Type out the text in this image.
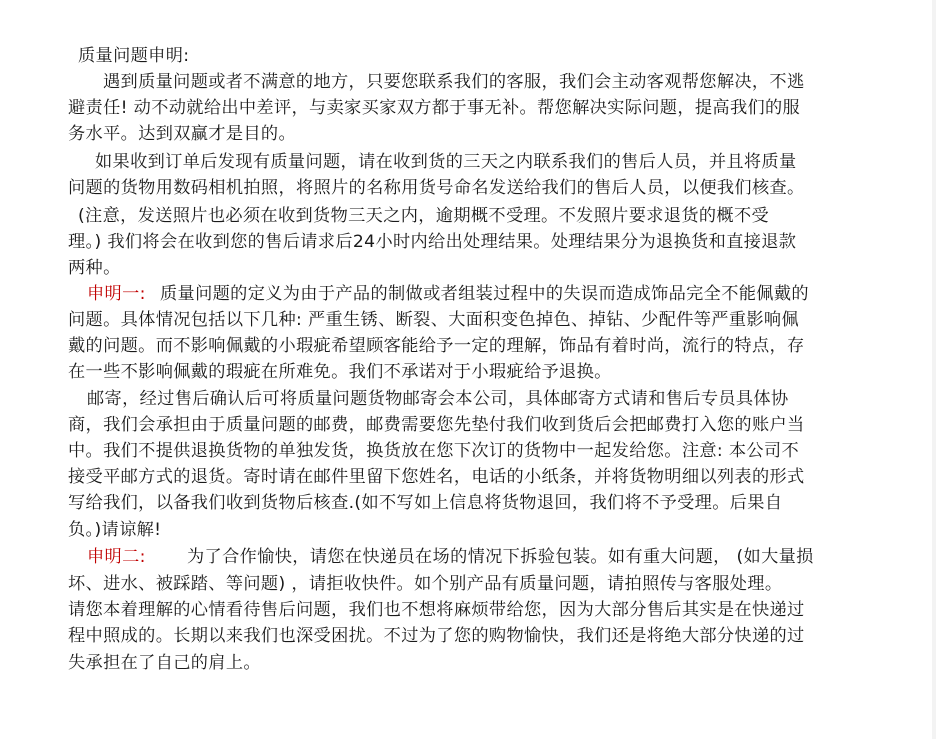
质量问题申明:

遇到质量问题或者不满意的地方，只要您联系我们的客服，我们会主动客观帮您解决，不逃

避责任! 动不动就给出中差评，与卖家买家双方都于事无补。帮您解决实际问题，提高我们的服

务水平。达到双赢才是目的。

如果收到订单后发现有质量问题，请在收到货的三天之内联系我们的售后人员，并且将质量

问题的货物用数码相机拍照，将照片的名称用货号命名发送给我们的售后人员，以便我们核查。

(注意，发送照片也必须在收到货物三天之内，逾期概不受理。不发照片要求退货的概不受

理。) 我们将会在收到您的售后请求后24小时内给出处理结果。处理结果分为退换货和直接退款

两种。

申明一: 质量问题的定义为由于产品的制做或者组装过程中的失误而造成饰品完全不能佩戴的

问题。具体情况包括以下几种: 严重生锈、断裂、大面积变色掉色、掉钻、少配件等严重影响佩

戴的问题。而不影响佩戴的小瑕疵希望顾客能给予一定的理解，饰品有着时尚，流行的特点，存

在一些不影响佩戴的瑕疵在所难免。我们不承诺对于小瑕疵给予退换。

邮寄，经过售后确认后可将质量问题货物邮寄会本公司，具体邮寄方式请和售后专员具体协

商，我们会承担由于质量问题的邮费，邮费需要您先垫付我们收到货后会把邮费打入您的账户当

中。我们不提供退换货物的单独发货，换货放在您下次订的货物中一起发给您。注意: 本公司不

接受平邮方式的退货。寄时请在邮件里留下您姓名，电话的小纸条，并将货物明细以列表的形式

写给我们，以备我们收到货物后核查.(如不写如上信息将货物退回，我们将不予受理。后果自

负。)请谅解!

申明二: 为了合作愉快，请您在快递员在场的情况下拆验包装。如有重大问题， (如大量损

坏、进水、被踩踏、等问题) ，请拒收快件。如个别产品有质量问题，请拍照传与客服处理。

请您本着理解的心情看待售后问题，我们也不想将麻烦带给您，因为大部分售后其实是在快递过

程中照成的。长期以来我们也深受困扰。不过为了您的购物愉快，我们还是将绝大部分快递的过

失承担在了自己的肩上。
